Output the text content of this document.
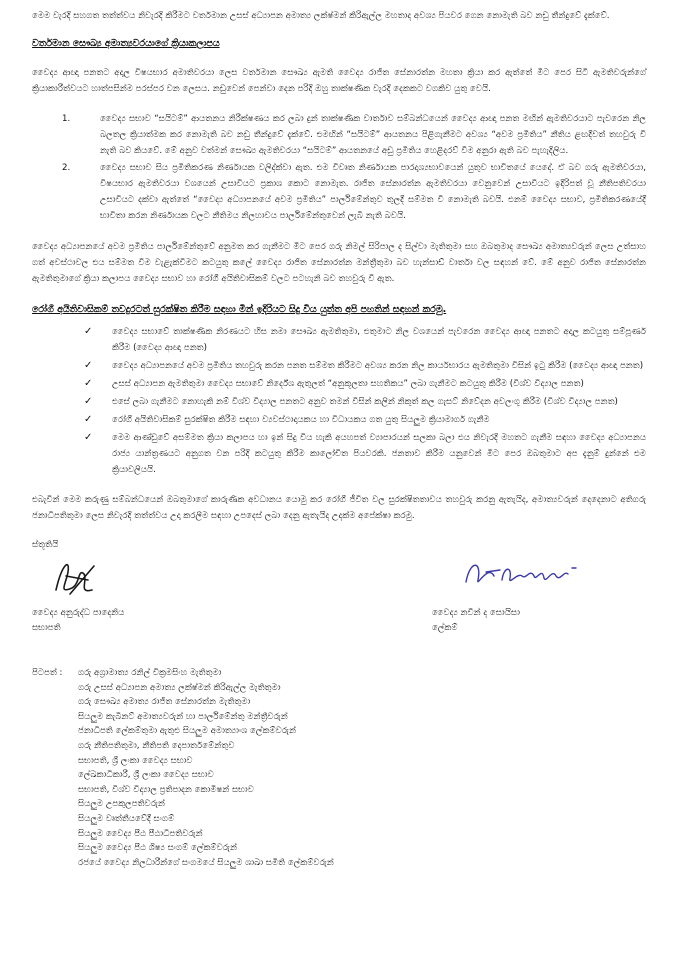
මෙම වැරදි සහගත තත්ත්වය නිවැරදි කිරීමට වර්තමාන උසස් අධ්‍යාපන අමාත්‍ය ලක්ෂ්මන් කිරිඇල්ල මහතාද අවශ්‍ය පියවර ගෙන නොමැති බව නඩු තීන්දුවේ දැක්වේ.

වර්තමාන සෞඛ්‍ය අමාත්‍යවරයාගේ ක්‍රියාකලාපය

වෛද්‍ය ආඥා පනතට අදාල විෂයභාර අමාතිවරයා ලෙස වර්තමාන සෞඛ්‍ය ඇමති වෛද්‍ය රාජිත සේනාරත්න මහතා ක්‍රියා කර ඇත්තේ මීට පෙර සිටි ඇමතිවරුන්ගේ ක්‍රියාකාරීත්වයට හාත්පසින්ම පරස්පර වන ලෙසය. නඩුවෙන් පෙන්වා දෙන පරිදි ඔහු තාක්ෂණික වැරදි දෙකකට වගකිව යුතු වෙයි.

1.	වෛද්‍ය සභාව “සයිටම්” ආයතනය නිරීක්ෂණය කර ලබා දුන් තාක්ෂණික වාර්තාව සම්බන්ධයෙන් වෛද්‍ය ආඥා පනත මඟින් ඇමතිවරයාට පැවරෙන නිල බලතල ක්‍රියාත්මක කර නොමැති බව නඩු තීන්දුවේ දැක්වේ. එමඟින් “සයිටම්” ආයතනය පිළිගැනීමට අවශ්‍ය “අවම ප්‍රමිතිය” නීතිය ළඟදීවත් තහවුරු වී නැති බව කියවේ. මේ අනුව වත්මන් සෞඛ්‍ය ඇමතිවරයා “සයිටම්” ආයතනයේ අඩු ප්‍රමිතිය හෙළිදරව් වීම අනුරා ඇති බව පැහැදිලිය.
2.	වෛද්‍ය සභාව සිය ප්‍රමිතිකරණ නිර්ණායක වලිද්ක්වා ඇත. එම විවෘත නිර්ණායක පාරදෘශ්‍යභාවයෙන් යුතුව භාවිතයේ යෙදේ. ඒ බව ගරු ඇමතිවරයා, විෂයභාර ඇමතිවරයා වශයෙන් උසාවියට ප්‍රකාශ කොට නොමැත. රාජිත සේනාරත්න ඇමතිවරයා වෙනුවෙන් උසාවියට ඉදිරිපත් වූ නීතිපතිවරයා උසාවියට දක්වා ඇත්තේ “වෛද්‍ය අධ්‍යාපනයේ අවම ප්‍රමිතිය” පාර්ලිමේන්තුව තුලදී සම්මත වී නොමැති බවයි. එනම් වෛද්‍ය සභාව, ප්‍රමිතිකරණයේදී භාවිතා කරන නිර්ණායක වලට නීතිමය නිලහාවය පාර්ලිමේන්තුවෙන් ලැබී නැති බවයි.

වෛද්‍ය අධ්‍යාපනයේ අවම ප්‍රමිතිය පාර්ලිමේන්තුවේ අනුමත කර ගැනීමට මීට පෙර ගරු නිමල් සිරිපාල ද සිල්වා මැතිතුමා සහ ඔබතුමාද සෞඛ්‍ය අමාත්‍යවරුන් ලෙස උත්සාහ ගත් අවස්ථාවල එය සම්මත වීම වැළැක්වීමට කටයුතු කලේ වෛද්‍ය රාජිත සේනාරත්න මන්ත්‍රීතුමා බව හැන්සාඩ් වාර්තා වල සඳහන් වේ. මේ අනුව රාජිත සේනාරත්න ඇමතිතුමාගේ ක්‍රියා කලාපය වෛද්‍ය සභාව හා රෝගී අයිතිවාසිකම් වලට පටහැනි බව තහවුරු වී ඇත.

රෝගී අයිතිවාසිකම් තවදුරටත් සුරක්ෂිත කිරීම සඳහා මින් ඉදිරියට සිදු විය යුත්ත අපි පහතින් සඳහන් කරමු.

✓ වෛද්‍ය සභාවේ තාක්ෂණික නිරණයට හිස නමා සෞඛ්‍ය ඇමතිතුමා, එතුමාට නිල වශයෙන් පැවරෙන වෛද්‍ය ආඥා පනතට අදාල කටයුතු සම්පූර්ණ කිරීම (වෛද්‍ය ආඥා පනත)
✓ වෛද්‍ය අධ්‍යාපනයේ අවම ප්‍රමිතිය තහවුරු කරන පනත සම්මත කිරීමට අවශ්‍ය කරන නිල කාර්යභාරය ඇමතිතුමා විසින් ඉටු කිරීම (වෛද්‍ය ආඥා පනත)
✓ උසස් අධ්‍යාපන ඇමතිතුමා වෛද්‍ය සභාවේ නිර්දේශ ඇතුලත් “අනුකූලතා සහතිකය” ලබා ගැනීමට කටයුතු කිරීම (විශ්ව විද්‍යාල පනත)
✓ එසේ ලබා ගැනීමට නොහැකි නම් විශ්ව විද්‍යාල පනතට අනුව තමන් විසින් කලින් නිකුත් කල ගැසට් නිවේදන අවලංගු කිරීම (විශ්ව විද්‍යාල පනත)
✓ රෝගී අයිතිවාසිකම් සුරක්ෂිත කිරීම සඳහා ව්‍යවස්ථාදායකය හා විධායකය ගත යුතු සියලුම ක්‍රියාමාර්ග ගැනීම
✓ මෙම ආණ්ඩුවේ අසම්මත ක්‍රියා කලාපය හා ඉන් සිදු විය හැකි අයහපත් ව්‍යාපාරයන් සලකා බලා එය නිවැරදි මහතට ගැනීම සඳහා වෛද්‍ය අධ්‍යාපනය රාජ්‍ය යාන්ත්‍රණයට අනුගත වන පරිදි කටයුතු කිරීම කාලෝචිත පියවරකි. ජනතාව කිරීම යනුවෙන් මීට පෙර ඔබතුමාට අප දැනුම් දුන්නේ එම ක්‍රියාවලියයි.

එබැවින් මෙම කරුණු සම්බන්ධයෙන් ඔබතුමාගේ කාරුණික අවධානය යොමු කර රෝගී ජීවිත වල සුරක්ෂිතතාවය තහවුරු කරනු ඇතැයිද, අමාත්‍යවරුන් දෙදෙනාට අතිගරු ජනාධිපතිතුමා ලෙස නිවැරදි තත්ත්වය උදා කරලීම සඳහා උපදෙස් ලබා දෙනු ඇතැයිද උදක්ම අපේක්ෂා කරමු.

ස්තූතියි

වෛද්‍ය අනුරුද්ධ පාදෙනිය
සභාපති
වෛද්‍ය නවීන් ද සොයිසා
ලේකම්
පිටපත් : ගරු අග්‍රාමාත්‍ය රනිල් වික්‍රමසිංහ මැතිතුමා
ගරු උසස් අධ්‍යාපන අමාත්‍ය ලක්ෂ්මන් කිරිඇල්ල මැතිතුමා
ගරු සෞඛ්‍ය අමාත්‍ය රාජිත සේනාරත්න මැතිතුමා
සියලුම කැබිනට් අමාත්‍යවරුන් හා පාර්ලිමේන්තු මන්ත්‍රීවරුන්
ජනාධිපති ලේකම්තුමා ඇතුළු සියලුම අමාත්‍යාංශ ලේකම්වරුන්
ගරු නීතිපතිතුමා, නීතිපති දෙපාර්තමේන්තුව
සභාපති, ශ්‍රී ලංකා වෛද්‍ය සභාව
ලේඛකාධිකාරී, ශ්‍රී ලංකා වෛද්‍ය සභාව
සභාපති, විශ්ව විද්‍යාල ප්‍රතිපාදන කොමිෂන් සභාව
සියලුම උපකුලපතිවරුන්
සියලුම වෘත්තීයවේදී සංගම්
සියලුම වෛද්‍ය පීඨ පීඨාධිපතිවරුන්
සියලුම වෛද්‍ය පීඨ ශිෂ්‍ය සංගම් ලේකම්වරුන්
රජයේ වෛද්‍ය නිලධාරීන්ගේ සංගමයේ සියලුම ශාඛා සමිති ලේකම්වරුන්
